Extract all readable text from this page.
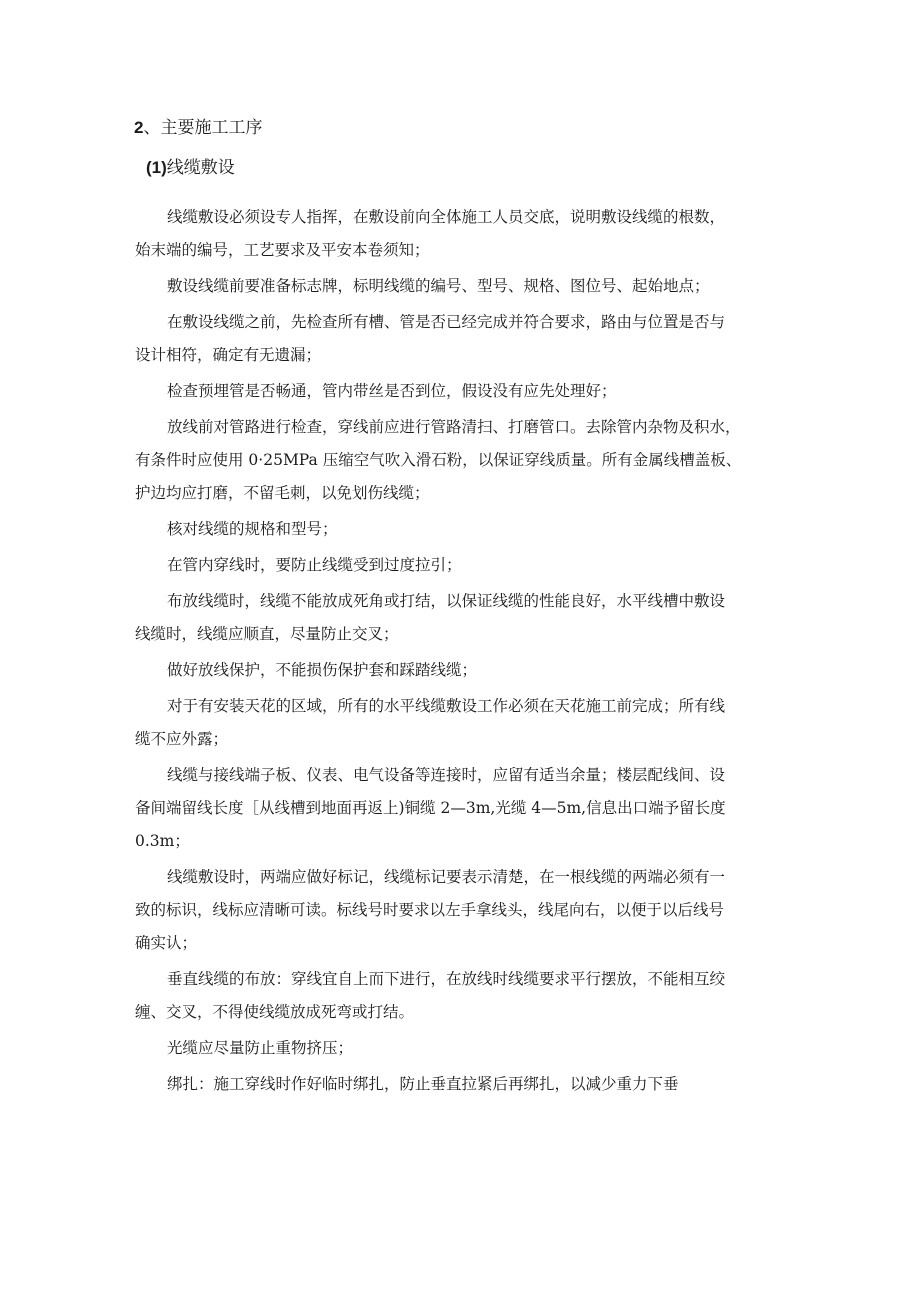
2、主要施工工序
(1)线缆敷设

线缆敷设必须设专人指挥，在敷设前向全体施工人员交底，说明敷设线缆的根数，
始末端的编号，工艺要求及平安本卷须知；

敷设线缆前要准备标志牌，标明线缆的编号、型号、规格、图位号、起始地点；

在敷设线缆之前，先检查所有槽、管是否已经完成并符合要求，路由与位置是否与
设计相符，确定有无遗漏；

检查预埋管是否畅通，管内带丝是否到位，假设没有应先处理好；

放线前对管路进行检查，穿线前应进行管路清扫、打磨管口。去除管内杂物及积水，
有条件时应使用 0·25MPa 压缩空气吹入滑石粉，以保证穿线质量。所有金属线槽盖板、
护边均应打磨，不留毛刺，以免划伤线缆；

核对线缆的规格和型号；

在管内穿线时，要防止线缆受到过度拉引；

布放线缆时，线缆不能放成死角或打结，以保证线缆的性能良好，水平线槽中敷设
线缆时，线缆应顺直，尽量防止交叉；

做好放线保护，不能损伤保护套和踩踏线缆；

对于有安装天花的区域，所有的水平线缆敷设工作必须在天花施工前完成；所有线
缆不应外露；

线缆与接线端子板、仪表、电气设备等连接时，应留有适当余量；楼层配线间、设
备间端留线长度［从线槽到地面再返上)铜缆 2—3m,光缆 4—5m,信息出口端予留长度
0.3m；

线缆敷设时，两端应做好标记，线缆标记要表示清楚，在一根线缆的两端必须有一
致的标识，线标应清晰可读。标线号时要求以左手拿线头，线尾向右，以便于以后线号
确实认；

垂直线缆的布放：穿线宜自上而下进行，在放线时线缆要求平行摆放，不能相互绞
缠、交叉，不得使线缆放成死弯或打结。

光缆应尽量防止重物挤压；

绑扎：施工穿线时作好临时绑扎，防止垂直拉紧后再绑扎，以减少重力下垂
